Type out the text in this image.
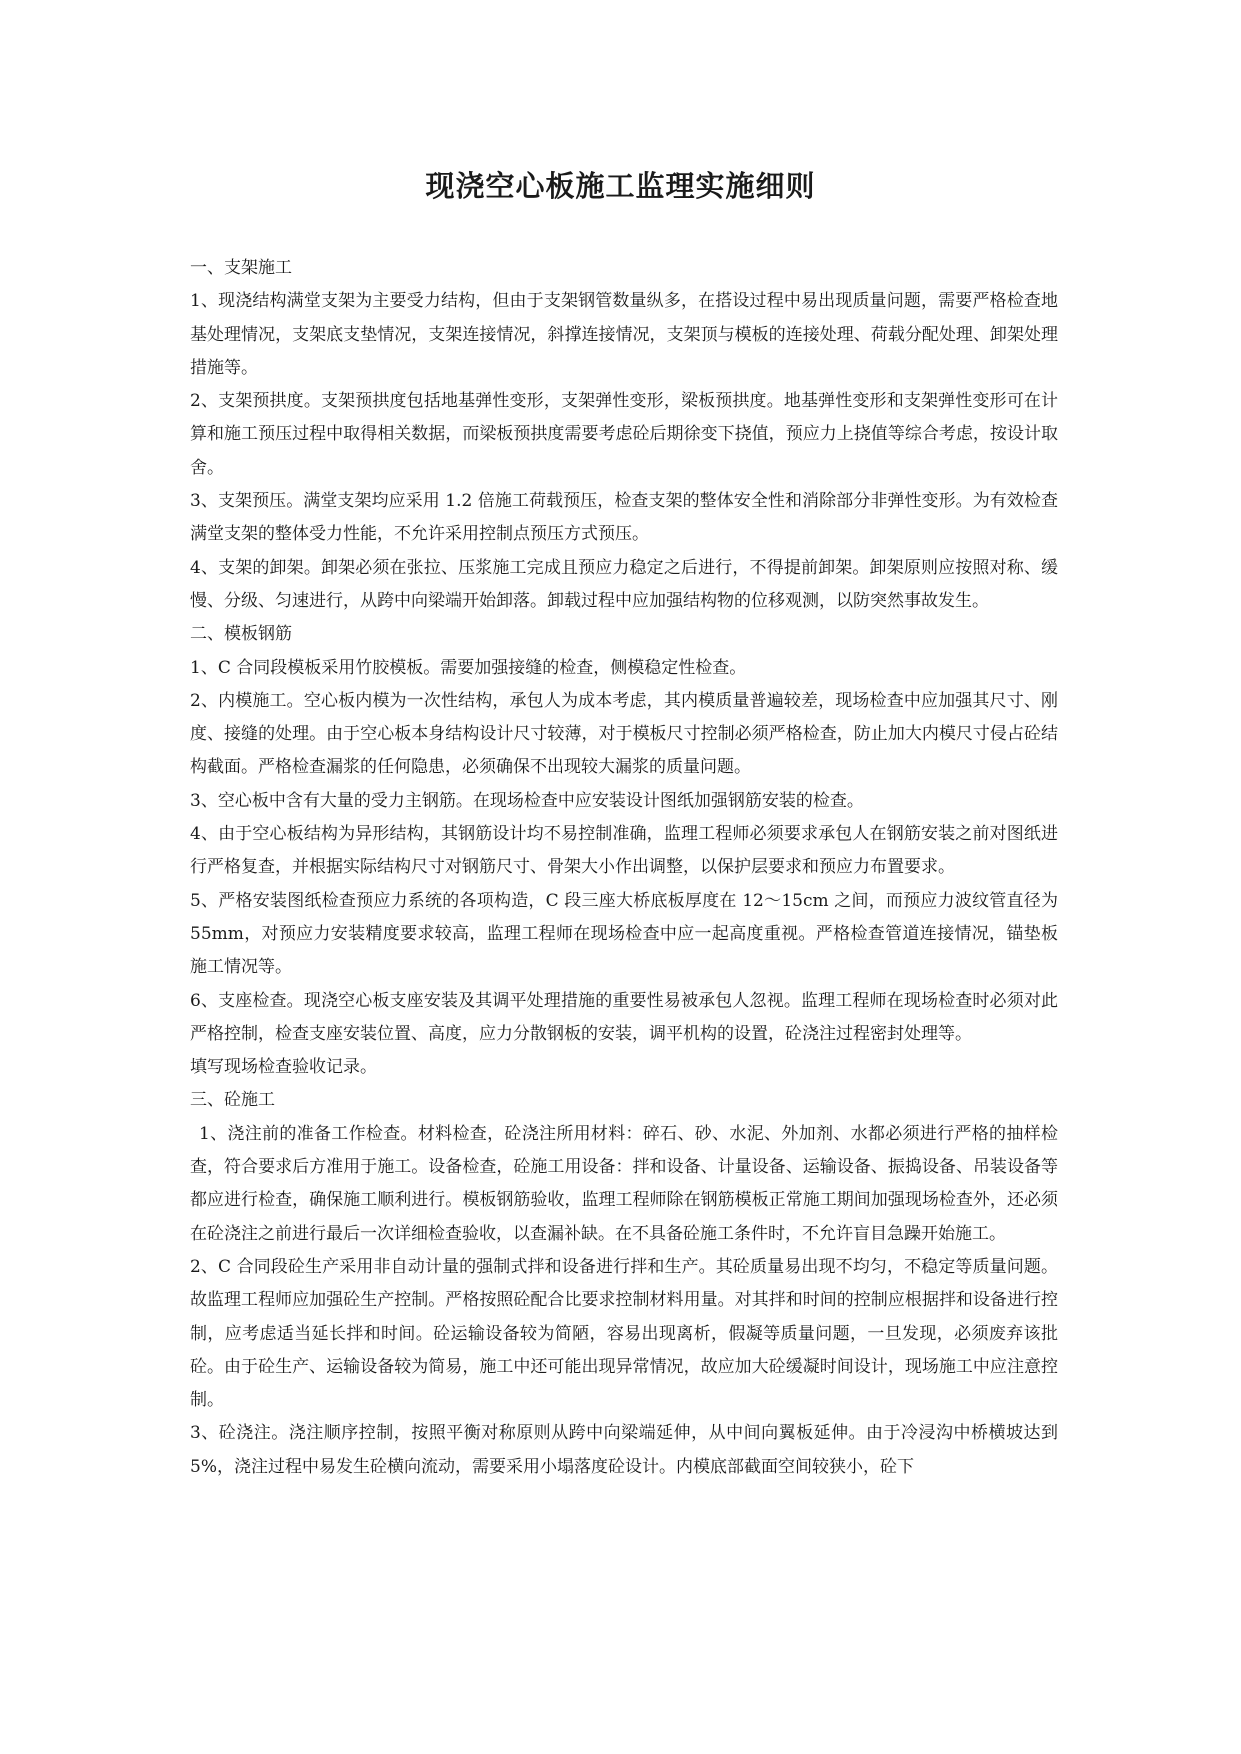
现浇空心板施工监理实施细则

一、支架施工

1、现浇结构满堂支架为主要受力结构，但由于支架钢管数量纵多，在搭设过程中易出现质量问题，需要严格检查地基处理情况，支架底支垫情况，支架连接情况，斜撑连接情况，支架顶与模板的连接处理、荷载分配处理、卸架处理措施等。

2、支架预拱度。支架预拱度包括地基弹性变形，支架弹性变形，梁板预拱度。地基弹性变形和支架弹性变形可在计算和施工预压过程中取得相关数据，而梁板预拱度需要考虑砼后期徐变下挠值，预应力上挠值等综合考虑，按设计取舍。

3、支架预压。满堂支架均应采用 1.2 倍施工荷载预压，检查支架的整体安全性和消除部分非弹性变形。为有效检查满堂支架的整体受力性能，不允许采用控制点预压方式预压。

4、支架的卸架。卸架必须在张拉、压浆施工完成且预应力稳定之后进行，不得提前卸架。卸架原则应按照对称、缓慢、分级、匀速进行，从跨中向梁端开始卸落。卸载过程中应加强结构物的位移观测，以防突然事故发生。

二、模板钢筋

1、C 合同段模板采用竹胶模板。需要加强接缝的检查，侧模稳定性检查。

2、内模施工。空心板内模为一次性结构，承包人为成本考虑，其内模质量普遍较差，现场检查中应加强其尺寸、刚度、接缝的处理。由于空心板本身结构设计尺寸较薄，对于模板尺寸控制必须严格检查，防止加大内模尺寸侵占砼结构截面。严格检查漏浆的任何隐患，必须确保不出现较大漏浆的质量问题。

3、空心板中含有大量的受力主钢筋。在现场检查中应安装设计图纸加强钢筋安装的检查。

4、由于空心板结构为异形结构，其钢筋设计均不易控制准确，监理工程师必须要求承包人在钢筋安装之前对图纸进行严格复查，并根据实际结构尺寸对钢筋尺寸、骨架大小作出调整，以保护层要求和预应力布置要求。

5、严格安装图纸检查预应力系统的各项构造，C 段三座大桥底板厚度在 12～15cm 之间，而预应力波纹管直径为 55mm，对预应力安装精度要求较高，监理工程师在现场检查中应一起高度重视。严格检查管道连接情况，锚垫板施工情况等。

6、支座检查。现浇空心板支座安装及其调平处理措施的重要性易被承包人忽视。监理工程师在现场检查时必须对此严格控制，检查支座安装位置、高度，应力分散钢板的安装，调平机构的设置，砼浇注过程密封处理等。

填写现场检查验收记录。

三、砼施工

1、浇注前的准备工作检查。材料检查，砼浇注所用材料：碎石、砂、水泥、外加剂、水都必须进行严格的抽样检查，符合要求后方准用于施工。设备检查，砼施工用设备：拌和设备、计量设备、运输设备、振捣设备、吊装设备等都应进行检查，确保施工顺利进行。模板钢筋验收，监理工程师除在钢筋模板正常施工期间加强现场检查外，还必须在砼浇注之前进行最后一次详细检查验收，以查漏补缺。在不具备砼施工条件时，不允许盲目急躁开始施工。

2、C 合同段砼生产采用非自动计量的强制式拌和设备进行拌和生产。其砼质量易出现不均匀，不稳定等质量问题。故监理工程师应加强砼生产控制。严格按照砼配合比要求控制材料用量。对其拌和时间的控制应根据拌和设备进行控制，应考虑适当延长拌和时间。砼运输设备较为简陋，容易出现离析，假凝等质量问题，一旦发现，必须废弃该批砼。由于砼生产、运输设备较为简易，施工中还可能出现异常情况，故应加大砼缓凝时间设计，现场施工中应注意控制。

3、砼浇注。浇注顺序控制，按照平衡对称原则从跨中向梁端延伸，从中间向翼板延伸。由于冷浸沟中桥横坡达到 5%，浇注过程中易发生砼横向流动，需要采用小塌落度砼设计。内模底部截面空间较狭小，砼下
